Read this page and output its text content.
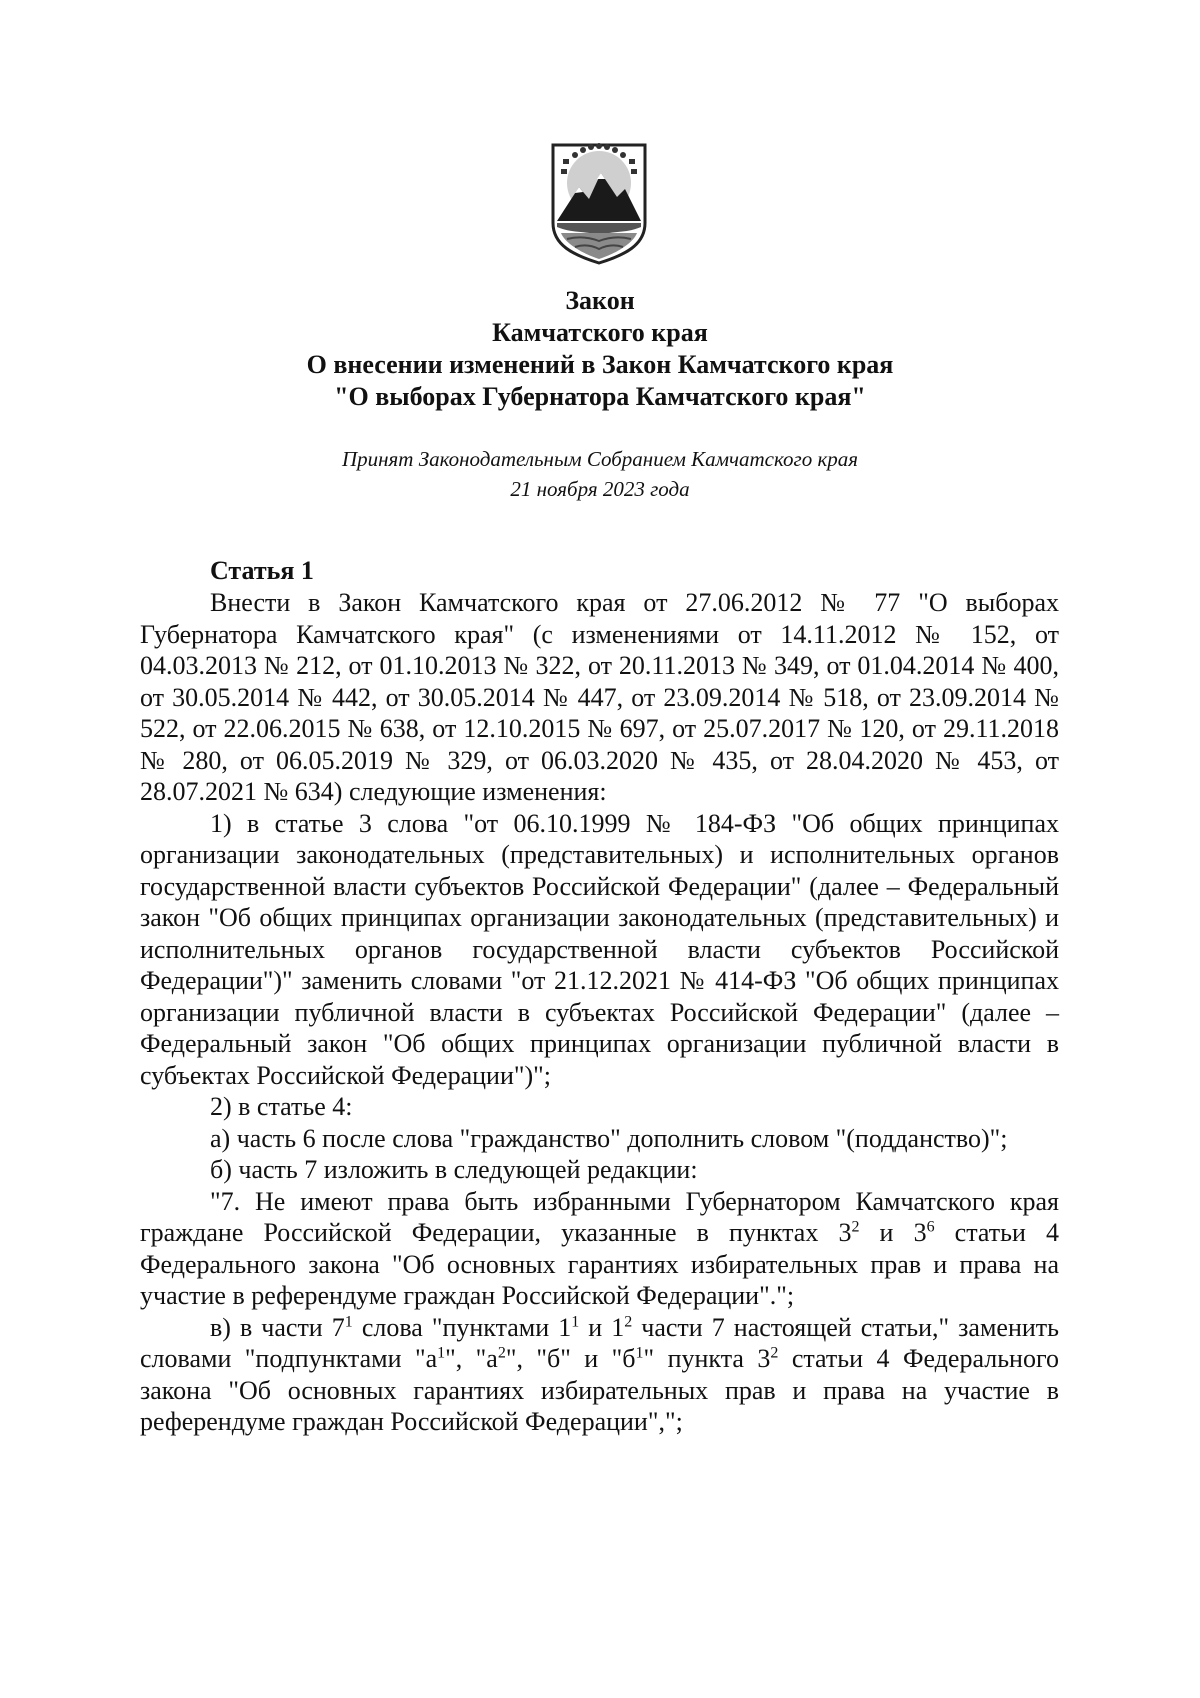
Закон

Камчатского края

О внесении изменений в Закон Камчатского края

"О выборах Губернатора Камчатского края"

Принят Законодательным Собранием Камчатского края
21 ноября 2023 года

Статья 1

Внести в Закон Камчатского края от 27.06.2012 № 77 "О выборах Губернатора Камчатского края" (с изменениями от 14.11.2012 № 152, от 04.03.2013 № 212, от 01.10.2013 № 322, от 20.11.2013 № 349, от 01.04.2014 № 400, от 30.05.2014 № 442, от 30.05.2014 № 447, от 23.09.2014 № 518, от 23.09.2014 № 522, от 22.06.2015 № 638, от 12.10.2015 № 697, от 25.07.2017 № 120, от 29.11.2018 № 280, от 06.05.2019 № 329, от 06.03.2020 № 435, от 28.04.2020 № 453, от 28.07.2021 № 634) следующие изменения:

1) в статье 3 слова "от 06.10.1999 № 184-ФЗ "Об общих принципах организации законодательных (представительных) и исполнительных органов государственной власти субъектов Российской Федерации" (далее – Федеральный закон "Об общих принципах организации законодательных (представительных) и исполнительных органов государственной власти субъектов Российской Федерации")" заменить словами "от 21.12.2021 № 414-ФЗ "Об общих принципах организации публичной власти в субъектах Российской Федерации" (далее – Федеральный закон "Об общих принципах организации публичной власти в субъектах Российской Федерации")";

2) в статье 4:

а) часть 6 после слова "гражданство" дополнить словом "(подданство)";

б) часть 7 изложить в следующей редакции:

"7. Не имеют права быть избранными Губернатором Камчатского края граждане Российской Федерации, указанные в пунктах $3^2$ и $3^6$ статьи 4 Федерального закона "Об основных гарантиях избирательных прав и права на участие в референдуме граждан Российской Федерации".";

в) в части $7^1$ слова "пунктами $1^1$ и $1^2$ части 7 настоящей статьи," заменить словами "подпунктами "$а^1$", "$а^2$", "б" и "$б^1$" пункта $3^2$ статьи 4 Федерального закона "Об основных гарантиях избирательных прав и права на участие в референдуме граждан Российской Федерации",";
